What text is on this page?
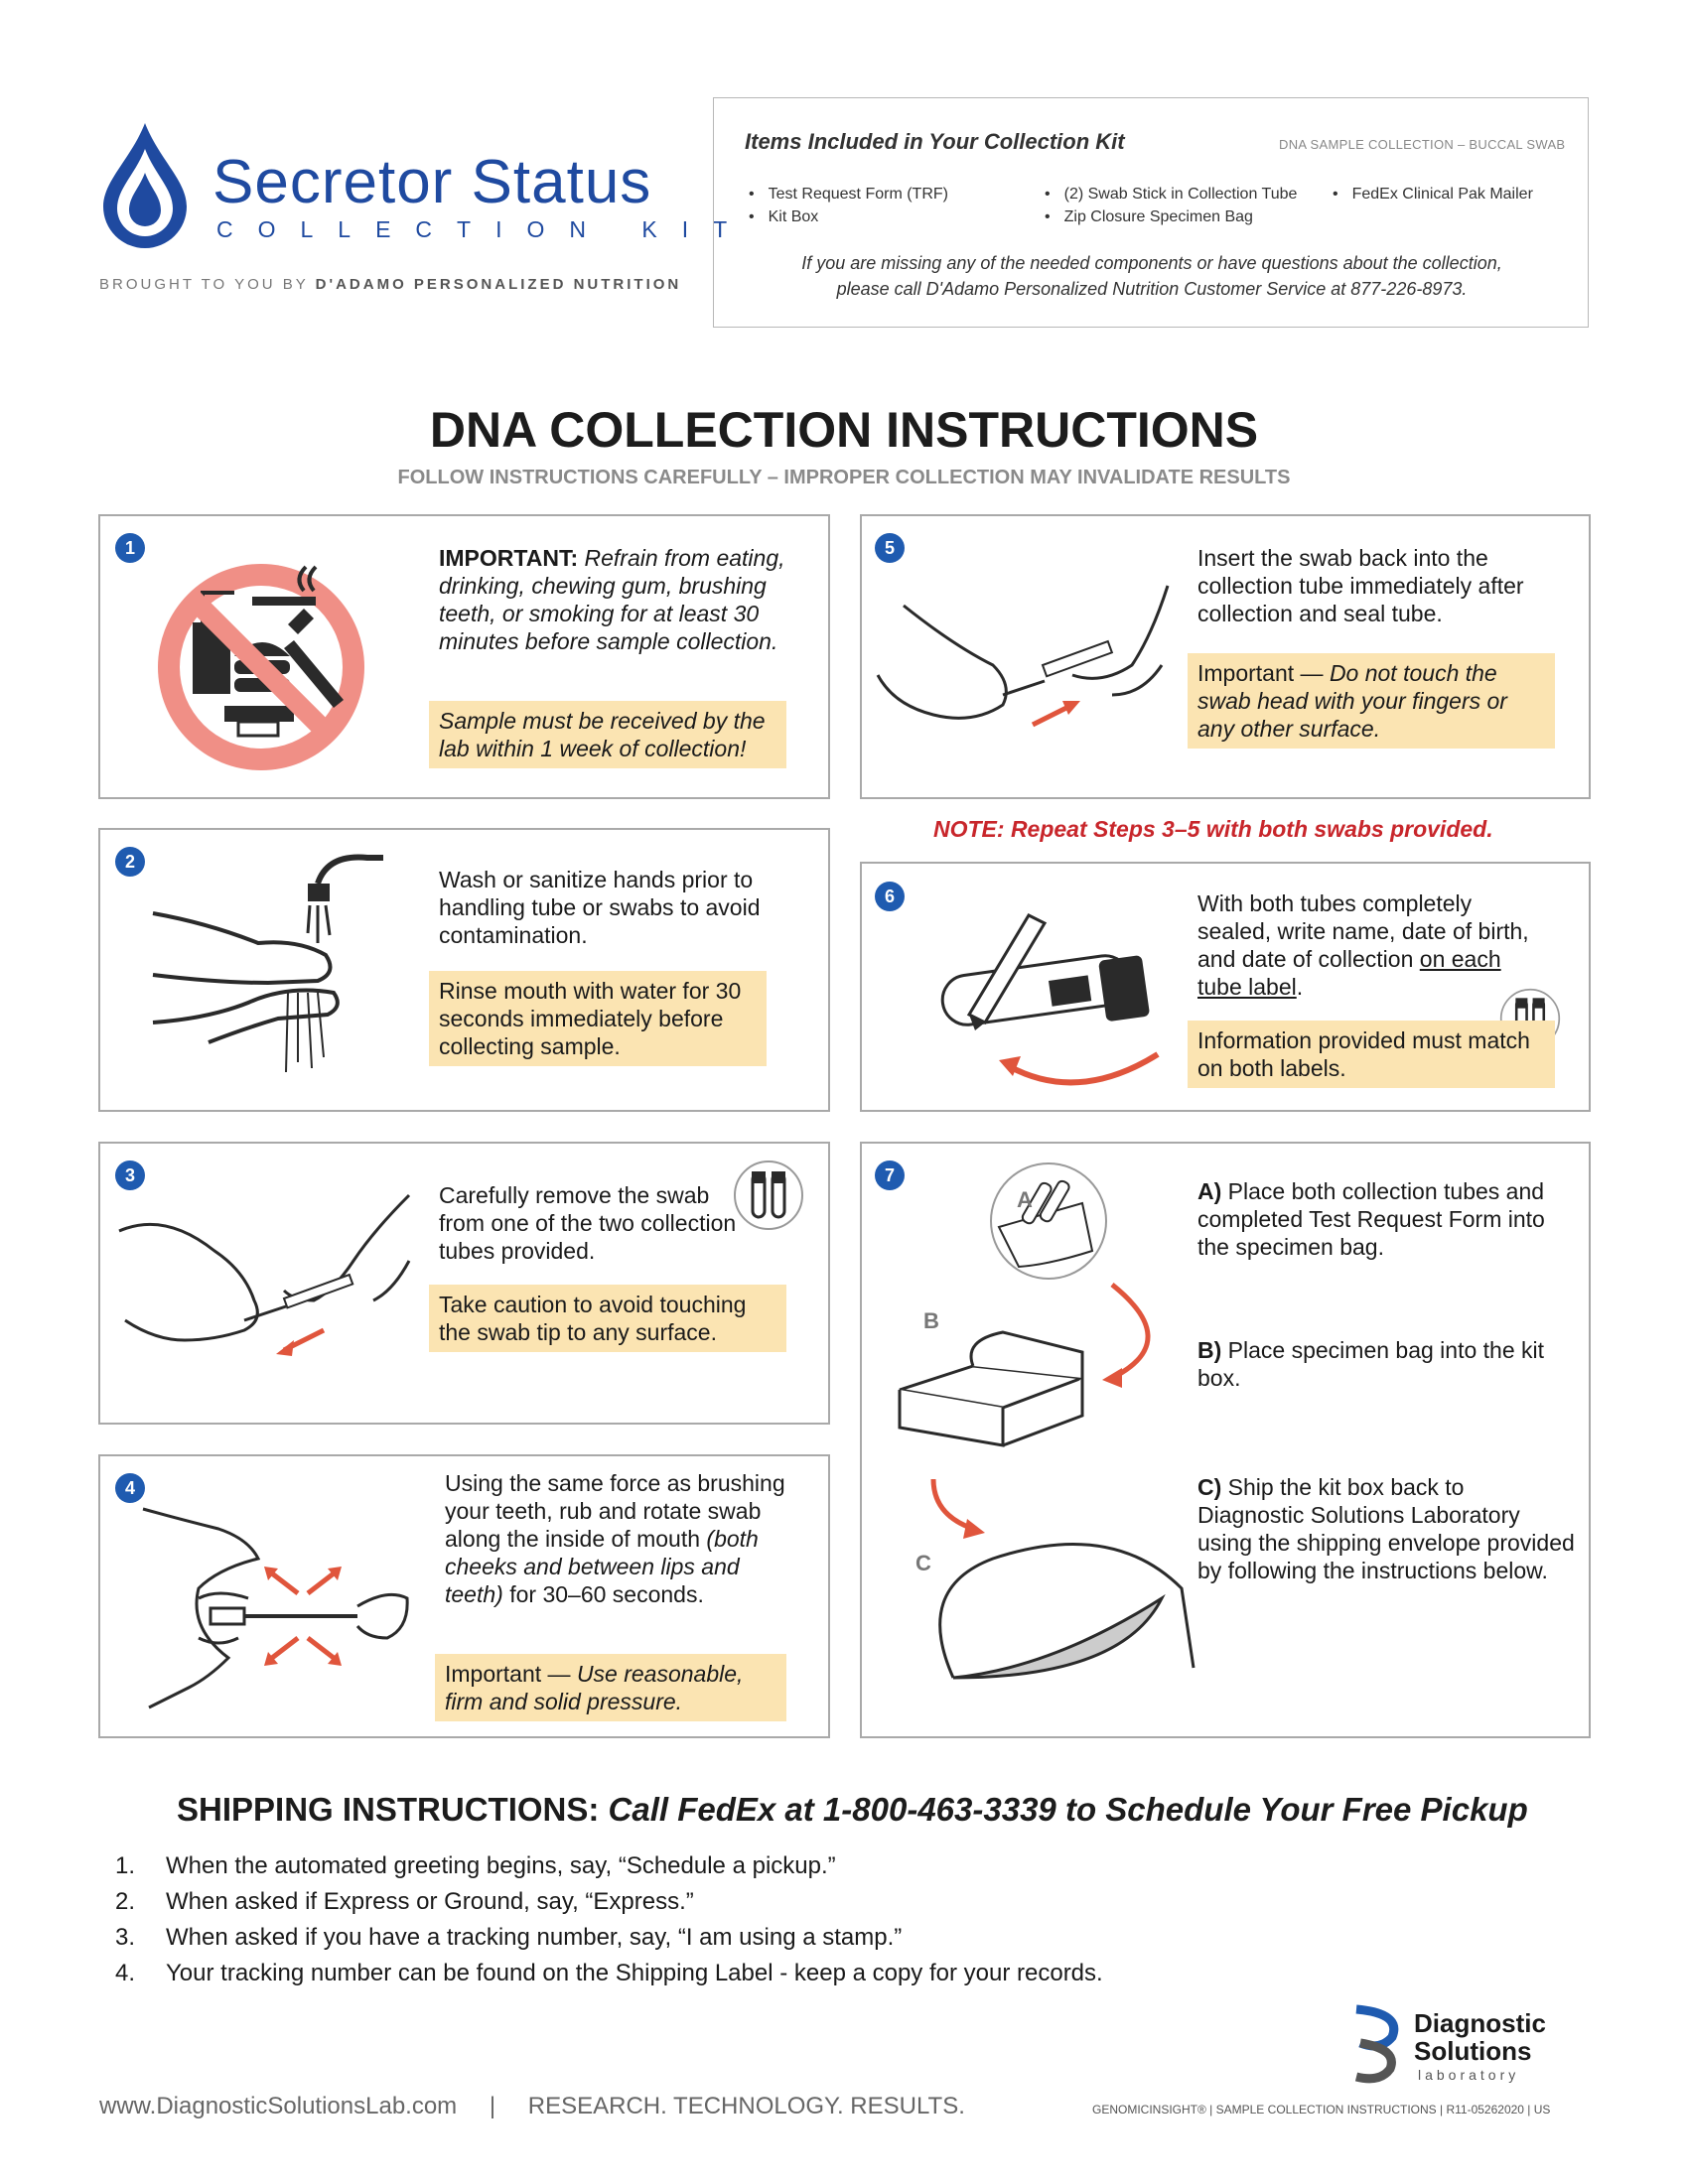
Secretor Status
COLLECTION KIT
BROUGHT TO YOU BY D'ADAMO PERSONALIZED NUTRITION
Items Included in Your Collection Kit	DNA SAMPLE COLLECTION – BUCCAL SWAB
• Test Request Form (TRF)
• Kit Box
• (2) Swab Stick in Collection Tube
• Zip Closure Specimen Bag
• FedEx Clinical Pak Mailer
If you are missing any of the needed components or have questions about the collection,
please call D'Adamo Personalized Nutrition Customer Service at 877-226-8973.
DNA COLLECTION INSTRUCTIONS
FOLLOW INSTRUCTIONS CAREFULLY – IMPROPER COLLECTION MAY INVALIDATE RESULTS
1	IMPORTANT: Refrain from eating, drinking, chewing gum, brushing teeth, or smoking for at least 30 minutes before sample collection.
Sample must be received by the lab within 1 week of collection!
2
Wash or sanitize hands prior to handling tube or swabs to avoid contamination.
Rinse mouth with water for 30 seconds immediately before collecting sample.
3
Carefully remove the swab from one of the two collection tubes provided.
Take caution to avoid touching the swab tip to any surface.
4	Using the same force as brushing your teeth, rub and rotate swab along the inside of mouth (both cheeks and between lips and teeth) for 30–60 seconds.
Important — Use reasonable, firm and solid pressure.
5	Insert the swab back into the collection tube immediately after collection and seal tube.
Important — Do not touch the swab head with your fingers or any other surface.
NOTE: Repeat Steps 3–5 with both swabs provided.
6	With both tubes completely sealed, write name, date of birth, and date of collection on each tube label.
Information provided must match on both labels.
7
A
B
C
A) Place both collection tubes and completed Test Request Form into the specimen bag.
B) Place specimen bag into the kit box.
C) Ship the kit box back to Diagnostic Solutions Laboratory using the shipping envelope provided by following the instructions below.
SHIPPING INSTRUCTIONS: Call FedEx at 1-800-463-3339 to Schedule Your Free Pickup
1. When the automated greeting begins, say, “Schedule a pickup.”
2. When asked if Express or Ground, say, “Express.”
3. When asked if you have a tracking number, say, “I am using a stamp.”
4. Your tracking number can be found on the Shipping Label - keep a copy for your records.
Diagnostic
Solutions
laboratory
www.DiagnosticSolutionsLab.com | RESEARCH. TECHNOLOGY. RESULTS.	GENOMICINSIGHT® | SAMPLE COLLECTION INSTRUCTIONS | R11-05262020 | US
